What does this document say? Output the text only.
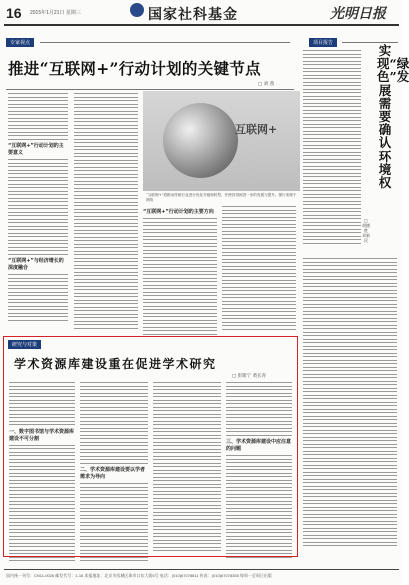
16 2015年1月21日 星期三	国家社科基金	光明日报
专家视点	项目报告
推进“互联网+”行动计划的关键节点
□ 刘 茜
“互联网+”行动计划的主要意义
“互联网+”与经济增长的深度融合
互联网+
“互联网+”将推动传统行业进行优化升级和转型，并使其得到进一步的发展与提升。图片来源于网络
“互联网+”行动计划的主要方向
实现“绿色”发展需要确认环境权
□ 胡德胜 邓新民
研究与对策
学术资源库建设重在促进学术研究
□ 彭斯宁 黄长青
一、数字图书馆与学术资源库建设不可分割
二、学术资源库建设要以学者需求为导向
三、学术资源库建设中应注意的问题
国内统一刊号：CN11-0026 邮发代号：1-16 本报地址：北京市西城区珠市口东大街5号 电话：(010)67078811 传真：(010)67078355 每周一至周日出版
